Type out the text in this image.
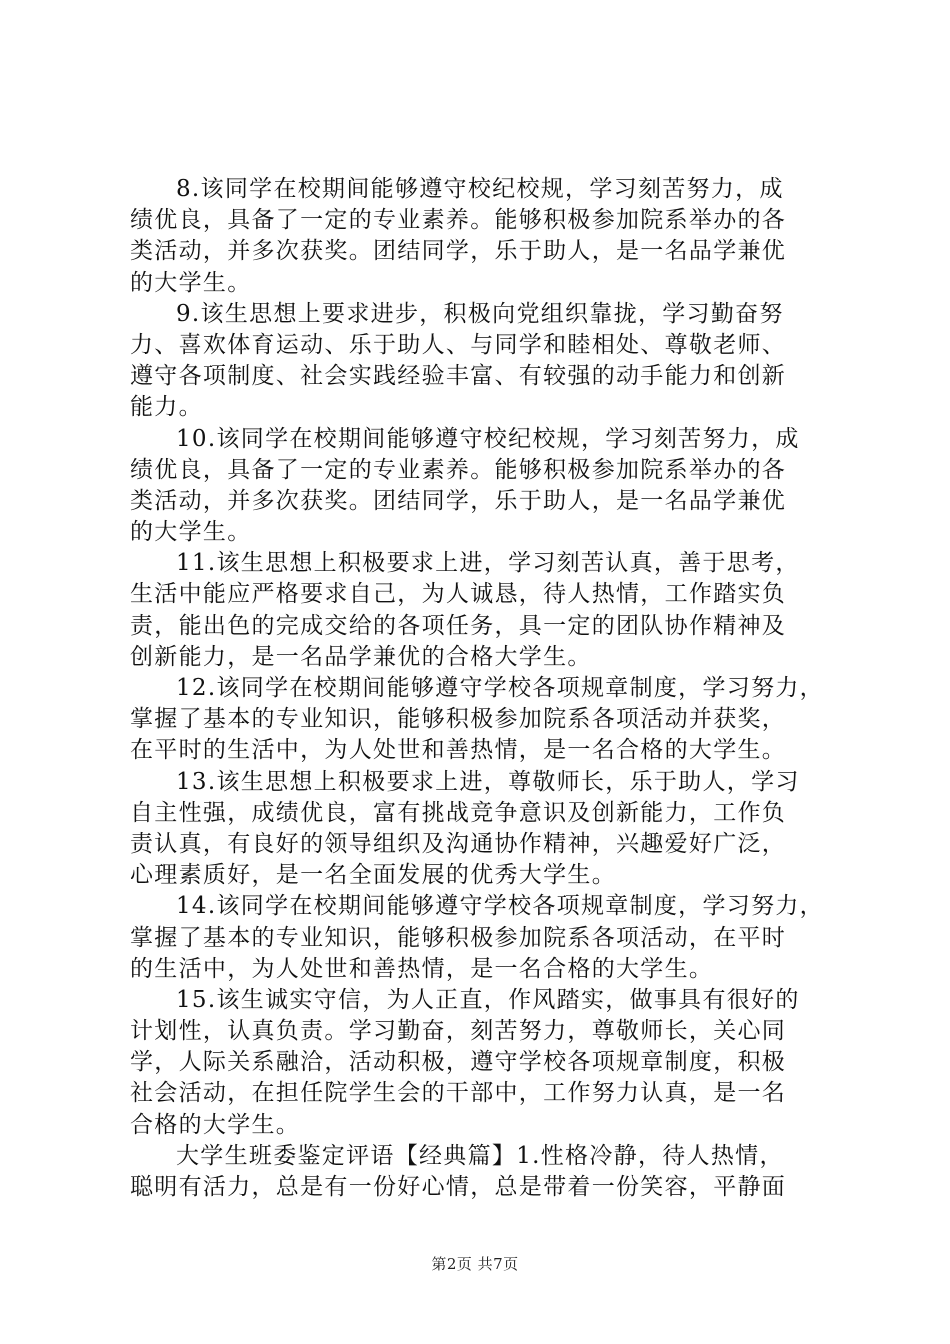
8.该同学在校期间能够遵守校纪校规，学习刻苦努力，成
绩优良，具备了一定的专业素养。能够积极参加院系举办的各
类活动，并多次获奖。团结同学，乐于助人，是一名品学兼优
的大学生。
9.该生思想上要求进步，积极向党组织靠拢，学习勤奋努
力、喜欢体育运动、乐于助人、与同学和睦相处、尊敬老师、
遵守各项制度、社会实践经验丰富、有较强的动手能力和创新
能力。
10.该同学在校期间能够遵守校纪校规，学习刻苦努力，成
绩优良，具备了一定的专业素养。能够积极参加院系举办的各
类活动，并多次获奖。团结同学，乐于助人，是一名品学兼优
的大学生。
11.该生思想上积极要求上进，学习刻苦认真，善于思考，
生活中能应严格要求自己，为人诚恳，待人热情，工作踏实负
责，能出色的完成交给的各项任务，具一定的团队协作精神及
创新能力，是一名品学兼优的合格大学生。
12.该同学在校期间能够遵守学校各项规章制度，学习努力，
掌握了基本的专业知识，能够积极参加院系各项活动并获奖，
在平时的生活中，为人处世和善热情，是一名合格的大学生。
13.该生思想上积极要求上进，尊敬师长，乐于助人，学习
自主性强，成绩优良，富有挑战竞争意识及创新能力，工作负
责认真，有良好的领导组织及沟通协作精神，兴趣爱好广泛，
心理素质好，是一名全面发展的优秀大学生。
14.该同学在校期间能够遵守学校各项规章制度，学习努力，
掌握了基本的专业知识，能够积极参加院系各项活动，在平时
的生活中，为人处世和善热情，是一名合格的大学生。
15.该生诚实守信，为人正直，作风踏实，做事具有很好的
计划性，认真负责。学习勤奋，刻苦努力，尊敬师长，关心同
学，人际关系融洽，活动积极，遵守学校各项规章制度，积极
社会活动，在担任院学生会的干部中，工作努力认真，是一名
合格的大学生。
大学生班委鉴定评语【经典篇】1.性格冷静，待人热情，
聪明有活力，总是有一份好心情，总是带着一份笑容，平静面
第2页 共7页
